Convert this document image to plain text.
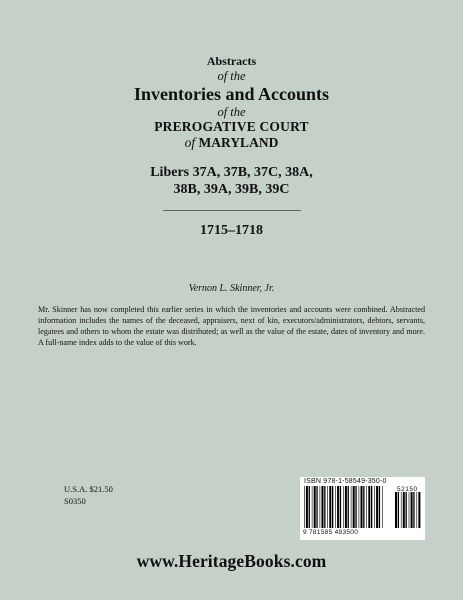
Abstracts
of the
Inventories and Accounts
of the
PREROGATIVE COURT
of MARYLAND
Libers 37A, 37B, 37C, 38A,
38B, 39A, 39B, 39C
1715–1718
Vernon L. Skinner, Jr.
Mr. Skinner has now completed this earlier series in which the inventories and accounts were combined. Abstracted information includes the names of the deceased, appraisers, next of kin, executors/administrators, debtors, servants, legatees and others to whom the estate was distributed; as well as the value of the estate, dates of inventory and more. A full-name index adds to the value of this work.
U.S.A. $21.50
S0350
ISBN 978-1-58549-350-0
52150
9 781585 493500
www.HeritageBooks.com
